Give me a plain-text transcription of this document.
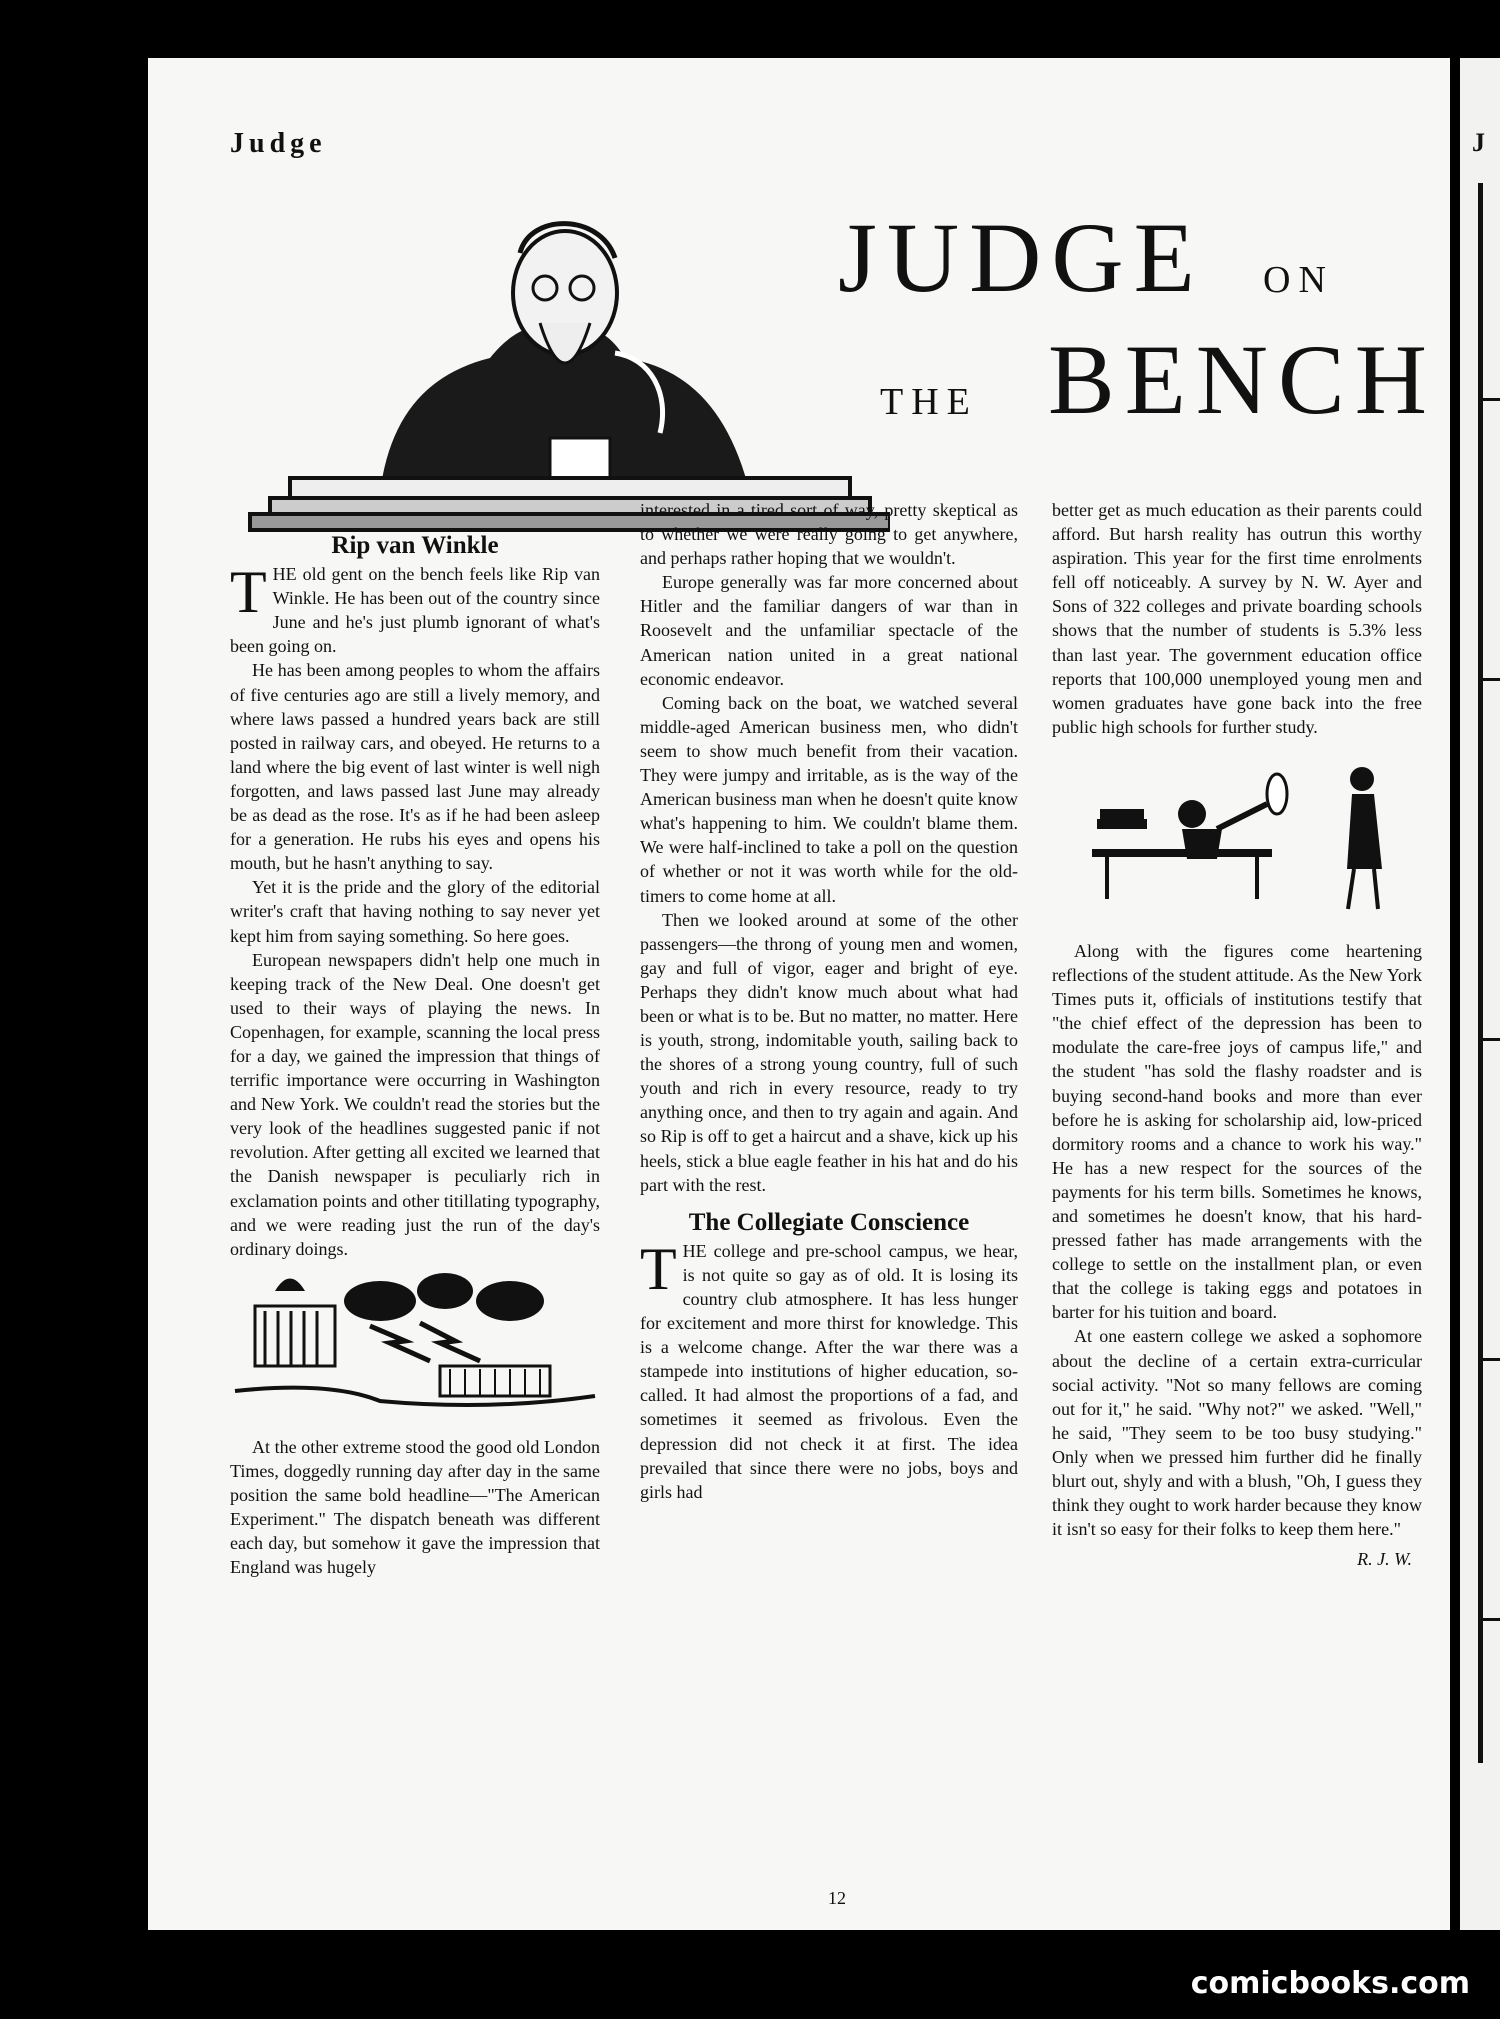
Judge
JUDGE ON
THE BENCH
Rip van Winkle

THE old gent on the bench feels like Rip van Winkle. He has been out of the country since June and he's just plumb ignorant of what's been going on.

He has been among peoples to whom the affairs of five centuries ago are still a lively memory, and where laws passed a hundred years back are still posted in railway cars, and obeyed. He returns to a land where the big event of last winter is well nigh forgotten, and laws passed last June may already be as dead as the rose. It's as if he had been asleep for a generation. He rubs his eyes and opens his mouth, but he hasn't anything to say.

Yet it is the pride and the glory of the editorial writer's craft that having nothing to say never yet kept him from saying something. So here goes.

European newspapers didn't help one much in keeping track of the New Deal. One doesn't get used to their ways of playing the news. In Copenhagen, for example, scanning the local press for a day, we gained the impression that things of terrific importance were occurring in Washington and New York. We couldn't read the stories but the very look of the headlines suggested panic if not revolution. After getting all excited we learned that the Danish newspaper is peculiarly rich in exclamation points and other titillating typography, and we were reading just the run of the day's ordinary doings.

At the other extreme stood the good old London Times, doggedly running day after day in the same position the same bold headline—"The American Experiment." The dispatch beneath was different each day, but somehow it gave the impression that England was hugely

interested in a tired sort of way, pretty skeptical as to whether we were really going to get anywhere, and perhaps rather hoping that we wouldn't.

Europe generally was far more concerned about Hitler and the familiar dangers of war than in Roosevelt and the unfamiliar spectacle of the American nation united in a great national economic endeavor.

Coming back on the boat, we watched several middle-aged American business men, who didn't seem to show much benefit from their vacation. They were jumpy and irritable, as is the way of the American business man when he doesn't quite know what's happening to him. We couldn't blame them. We were half-inclined to take a poll on the question of whether or not it was worth while for the old-timers to come home at all.

Then we looked around at some of the other passengers—the throng of young men and women, gay and full of vigor, eager and bright of eye. Perhaps they didn't know much about what had been or what is to be. But no matter, no matter. Here is youth, strong, indomitable youth, sailing back to the shores of a strong young country, full of such youth and rich in every resource, ready to try anything once, and then to try again and again. And so Rip is off to get a haircut and a shave, kick up his heels, stick a blue eagle feather in his hat and do his part with the rest.

The Collegiate Conscience

THE college and pre-school campus, we hear, is not quite so gay as of old. It is losing its country club atmosphere. It has less hunger for excitement and more thirst for knowledge. This is a welcome change. After the war there was a stampede into institutions of higher education, so-called. It had almost the proportions of a fad, and sometimes it seemed as frivolous. Even the depression did not check it at first. The idea prevailed that since there were no jobs, boys and girls had

better get as much education as their parents could afford. But harsh reality has outrun this worthy aspiration. This year for the first time enrolments fell off noticeably. A survey by N. W. Ayer and Sons of 322 colleges and private boarding schools shows that the number of students is 5.3% less than last year. The government education office reports that 100,000 unemployed young men and women graduates have gone back into the free public high schools for further study.

Along with the figures come heartening reflections of the student attitude. As the New York Times puts it, officials of institutions testify that "the chief effect of the depression has been to modulate the care-free joys of campus life," and the student "has sold the flashy roadster and is buying second-hand books and more than ever before he is asking for scholarship aid, low-priced dormitory rooms and a chance to work his way." He has a new respect for the sources of the payments for his term bills. Sometimes he knows, and sometimes he doesn't know, that his hard-pressed father has made arrangements with the college to settle on the installment plan, or even that the college is taking eggs and potatoes in barter for his tuition and board.

At one eastern college we asked a sophomore about the decline of a certain extra-curricular social activity. "Not so many fellows are coming out for it," he said. "Why not?" we asked. "Well," he said, "They seem to be too busy studying." Only when we pressed him further did he finally blurt out, shyly and with a blush, "Oh, I guess they think they ought to work harder because they know it isn't so easy for their folks to keep them here."

R. J. W.
12
J
comicbooks.com
